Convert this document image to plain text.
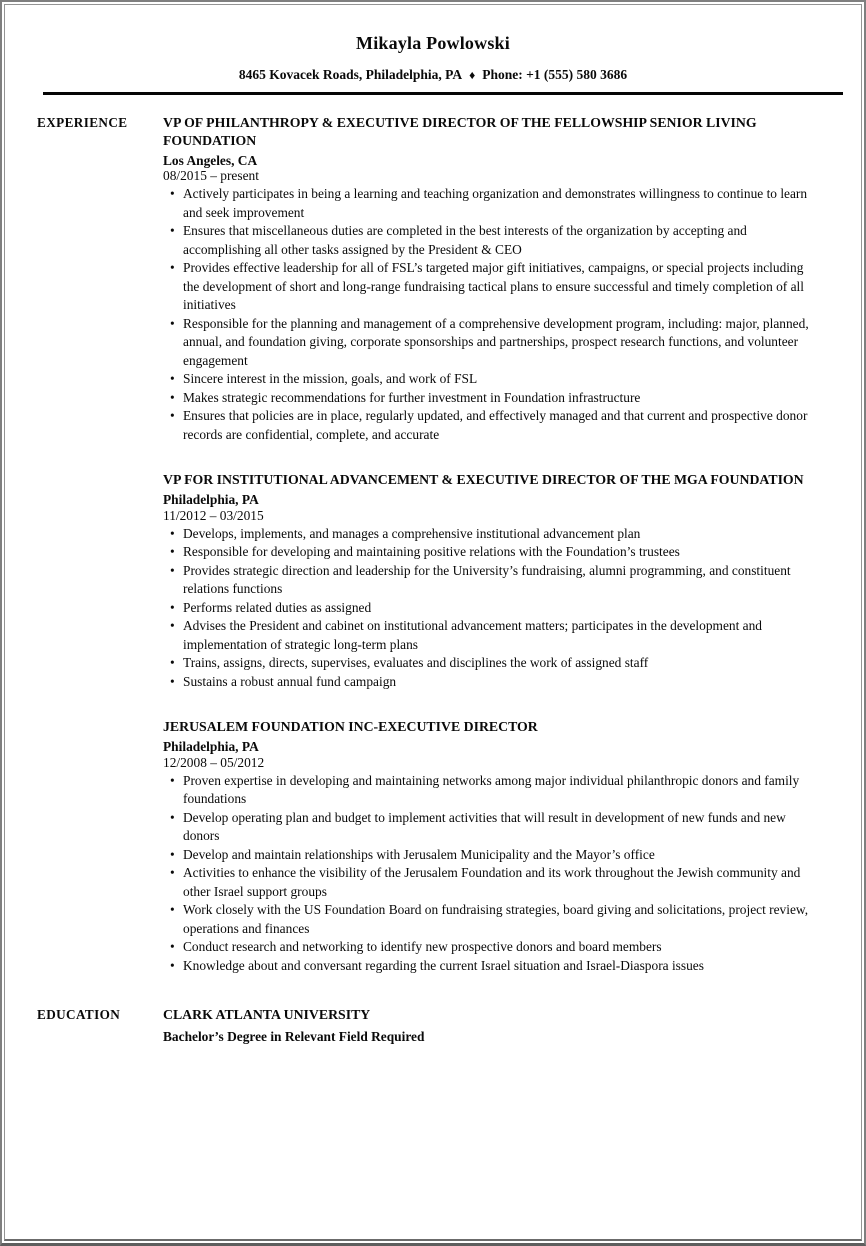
Mikayla Powlowski
8465 Kovacek Roads, Philadelphia, PA ♦ Phone: +1 (555) 580 3686
EXPERIENCE	VP OF PHILANTHROPY & EXECUTIVE DIRECTOR OF THE FELLOWSHIP SENIOR LIVING FOUNDATION
Los Angeles, CA
08/2015 – present
• Actively participates in being a learning and teaching organization and demonstrates willingness to continue to learn and seek improvement
• Ensures that miscellaneous duties are completed in the best interests of the organization by accepting and accomplishing all other tasks assigned by the President & CEO
• Provides effective leadership for all of FSL’s targeted major gift initiatives, campaigns, or special projects including the development of short and long-range fundraising tactical plans to ensure successful and timely completion of all initiatives
• Responsible for the planning and management of a comprehensive development program, including: major, planned, annual, and foundation giving, corporate sponsorships and partnerships, prospect research functions, and volunteer engagement
• Sincere interest in the mission, goals, and work of FSL
• Makes strategic recommendations for further investment in Foundation infrastructure
• Ensures that policies are in place, regularly updated, and effectively managed and that current and prospective donor records are confidential, complete, and accurate
VP FOR INSTITUTIONAL ADVANCEMENT & EXECUTIVE DIRECTOR OF THE MGA FOUNDATION
Philadelphia, PA
11/2012 – 03/2015
• Develops, implements, and manages a comprehensive institutional advancement plan
• Responsible for developing and maintaining positive relations with the Foundation’s trustees
• Provides strategic direction and leadership for the University’s fundraising, alumni programming, and constituent relations functions
• Performs related duties as assigned
• Advises the President and cabinet on institutional advancement matters; participates in the development and implementation of strategic long-term plans
• Trains, assigns, directs, supervises, evaluates and disciplines the work of assigned staff
• Sustains a robust annual fund campaign
JERUSALEM FOUNDATION INC-EXECUTIVE DIRECTOR
Philadelphia, PA
12/2008 – 05/2012
• Proven expertise in developing and maintaining networks among major individual philanthropic donors and family foundations
• Develop operating plan and budget to implement activities that will result in development of new funds and new donors
• Develop and maintain relationships with Jerusalem Municipality and the Mayor’s office
• Activities to enhance the visibility of the Jerusalem Foundation and its work throughout the Jewish community and other Israel support groups
• Work closely with the US Foundation Board on fundraising strategies, board giving and solicitations, project review, operations and finances
• Conduct research and networking to identify new prospective donors and board members
• Knowledge about and conversant regarding the current Israel situation and Israel-Diaspora issues
EDUCATION	CLARK ATLANTA UNIVERSITY
Bachelor’s Degree in Relevant Field Required
